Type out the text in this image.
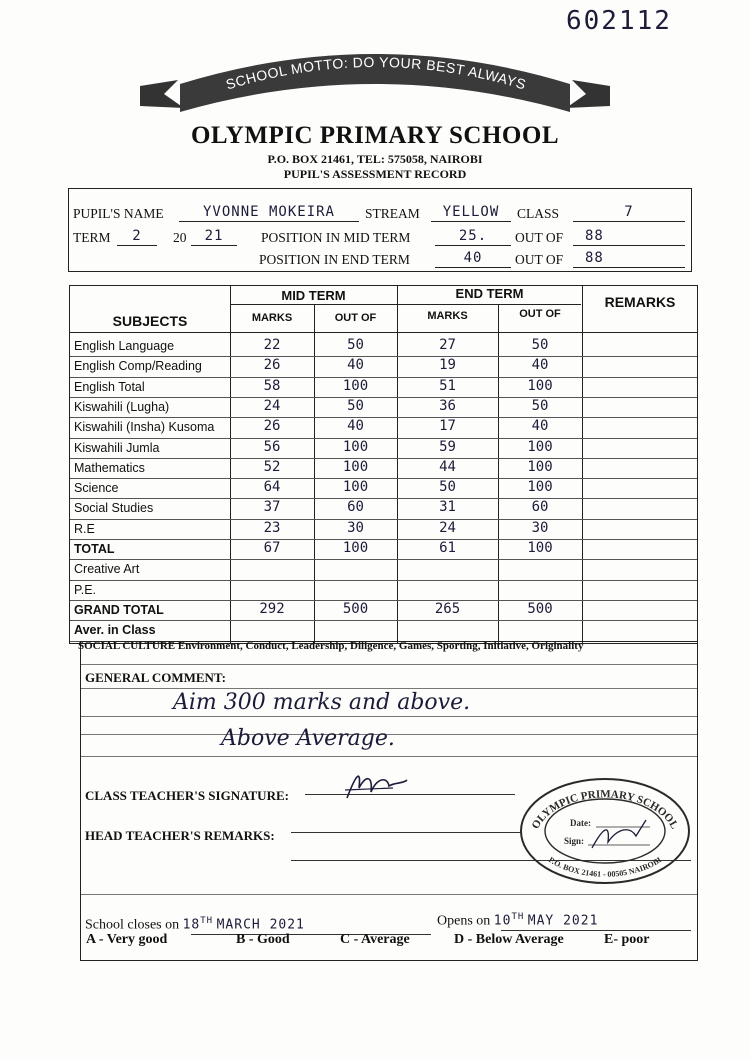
602112
SCHOOL MOTTO: DO YOUR BEST ALWAYS
OLYMPIC PRIMARY SCHOOL
P.O. BOX 21461, TEL: 575058, NAIROBI
PUPIL'S ASSESSMENT RECORD
PUPIL'S NAME	YVONNE MOKEIRA	STREAM	YELLOW	CLASS	7
TERM	2	20	21	POSITION IN MID TERM	25.	OUT OF	88
POSITION IN END TERM	40	OUT OF	88
MID TERM	END TERM
REMARKS
SUBJECTS	MARKS	OUT OF	MARKS	OUT OF
English Language	22	50	27	50
English Comp/Reading	26	40	19	40
English Total	58	100	51	100
Kiswahili (Lugha)	24	50	36	50
Kiswahili (Insha) Kusoma	26	40	17	40
Kiswahili Jumla	56	100	59	100
Mathematics	52	100	44	100
Science	64	100	50	100
Social Studies	37	60	31	60
R.E	23	30	24	30
TOTAL	67	100	61	100
Creative Art
P.E.
GRAND TOTAL	292	500	265	500
Aver. in Class
SOCIAL CULTURE Environment, Conduct, Leadership, Diligence, Games, Sporting, Initiative, Originality
GENERAL COMMENT:
Aim 300 marks and above.
Above Average.
CLASS TEACHER'S SIGNATURE:
HEAD TEACHER'S REMARKS:
School closes on 18TH MARCH 2021	Opens on 10TH MAY 2021
A - Very good	B - Good	C - Average	D - Below Average	E- poor
OLYMPIC PRIMARY SCHOOL
P.O. BOX 21461 - 00505 NAIROBI
Date:
Sign:
